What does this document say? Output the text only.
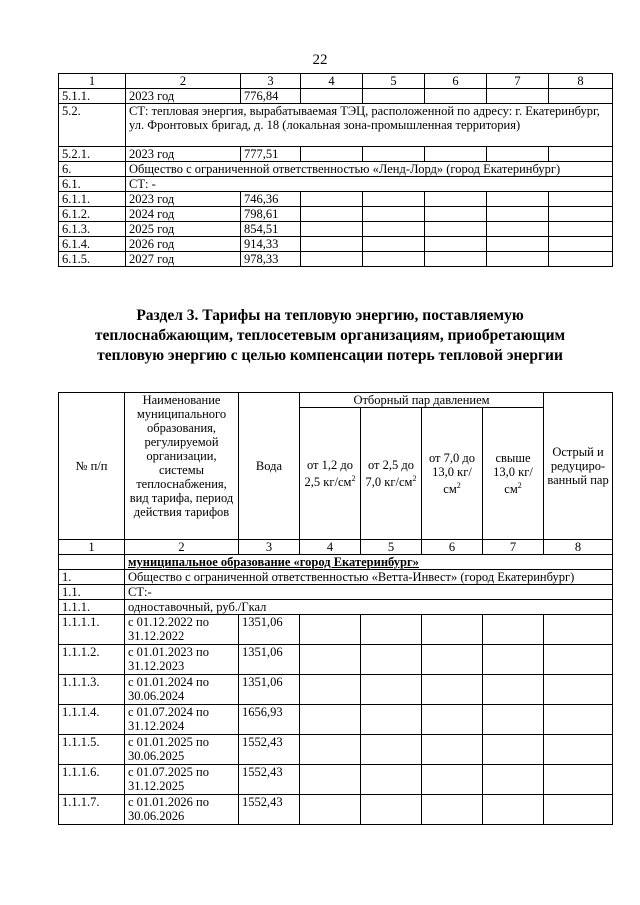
22
1	2	3	4	5	6	7	8
5.1.1.	2023 год	776,84					
5.2.	СТ: тепловая энергия, вырабатываемая ТЭЦ, расположенной по адресу: г. Екатеринбург, ул. Фронтовых бригад, д. 18 (локальная зона-промышленная территория)						
5.2.1.	2023 год	777,51					
6.	Общество с ограниченной ответственностью «Ленд-Лорд» (город Екатеринбург)						
6.1.	СТ: -						
6.1.1.	2023 год	746,36					
6.1.2.	2024 год	798,61					
6.1.3.	2025 год	854,51					
6.1.4.	2026 год	914,33					
6.1.5.	2027 год	978,33					
Раздел 3. Тарифы на тепловую энергию, поставляемую теплоснабжающим, теплосетевым организациям, приобретающим тепловую энергию с целью компенсации потерь тепловой энергии
№ п/п	Наименование муниципального образования, регулируемой организации, системы теплоснабжения, вид тарифа, период действия тарифов	Вода	Отборный пар давлением				Острый и редуциро-ванный пар
			от 1,2 до 2,5 $кг/см^2$	от 2,5 до 7,0 $кг/см^2$	от 7,0 до 13,0 $кг/см^2$	свыше 13,0 $кг/см^2$
1	2	3	4	5	6	7	8
	муниципальное образование «город Екатеринбург»						
1.	Общество с ограниченной ответственностью «Ветта-Инвест» (город Екатеринбург)						
1.1.	СТ:-						
1.1.1.	одноставочный, руб./Гкал						
1.1.1.1.	с 01.12.2022 по
31.12.2022	1351,06					
1.1.1.2.	с 01.01.2023 по
31.12.2023	1351,06					
1.1.1.3.	с 01.01.2024 по
30.06.2024	1351,06					
1.1.1.4.	с 01.07.2024 по
31.12.2024	1656,93					
1.1.1.5.	с 01.01.2025 по
30.06.2025	1552,43					
1.1.1.6.	с 01.07.2025 по
31.12.2025	1552,43					
1.1.1.7.	с 01.01.2026 по
30.06.2026	1552,43					
